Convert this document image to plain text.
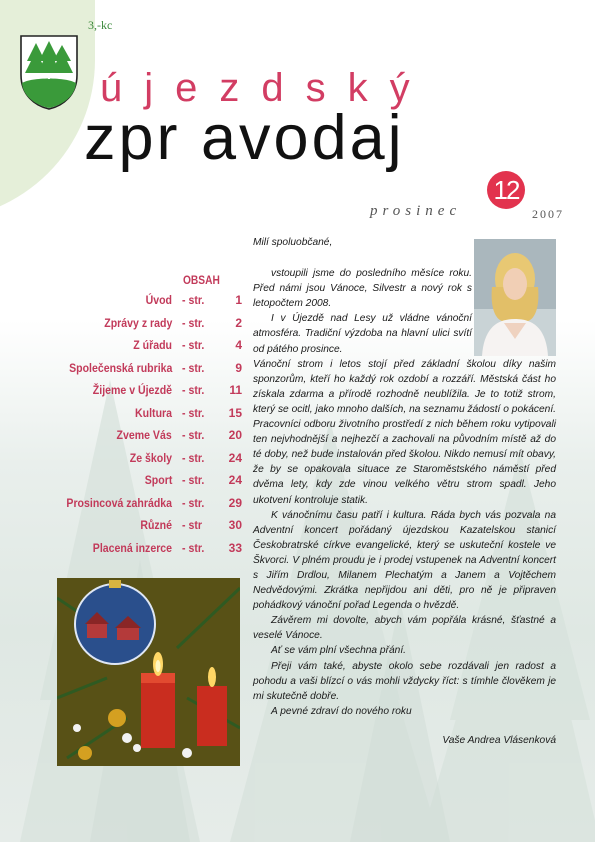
3,-kc
újezdský
zpr avodaj
12
prosinec	2007
OBSAH
Úvod - str.	1
Zprávy z rady - str.	2
Z úřadu - str.	4
Společenská rubrika - str.	9
Žijeme v Újezdě - str. 11
Kultura - str. 15
Zveme Vás - str. 20
Ze školy - str. 24
Sport - str. 24
Prosincová zahrádka - str. 29
Různé - str 30
Placená inzerce - str. 33

Milí spoluobčané,

vstoupili jsme do posledního měsíce roku. Před námi jsou Vánoce, Silvestr a nový rok s letopočtem 2008.

I v Újezdě nad Lesy už vládne vánoční atmosféra. Tradiční výzdoba na hlavní ulici svítí od pátého prosince.

Vánoční strom i letos stojí před základní školou díky našim sponzorům, kteří ho každý rok ozdobí a rozzáří. Městská část ho získala zdarma a přírodě rozhodně neublížila. Je to totiž strom, který se ocitl, jako mnoho dalších, na seznamu žádostí o pokácení. Pracovníci odboru životního prostředí z nich během roku vytipovali ten nejvhodnější a nejhezčí a zachovali na původním místě až do té doby, než bude instalován před školou. Nikdo nemusí mít obavy, že by se opakovala situace ze Staroměstského náměstí před dvěma lety, kdy zde vinou velkého větru strom spadl. Jeho ukotvení kontroluje statik.

K vánočnímu času patří i kultura. Ráda bych vás pozvala na Adventní koncert pořádaný újezdskou Kazatelskou stanicí Českobratrské církve evangelické, který se uskuteční kostele ve Škvorci. V plném proudu je i prodej vstupenek na Adventní koncert s Jiřím Drdlou, Milanem Plechatým a Janem a Vojtěchem Nedvědovými. Zkrátka nepřijdou ani děti, pro ně je připraven pohádkový vánoční pořad Legenda o hvězdě.

Závěrem mi dovolte, abych vám popřála krásné, šťastné a veselé Vánoce.

Ať se vám plní všechna přání.

Přeji vám také, abyste okolo sebe rozdávali jen radost a pohodu a vaši blízcí o vás mohli vždycky říct: s tímhle člověkem je mi skutečně dobře.

A pevné zdraví do nového roku

Vaše Andrea Vlásenková
